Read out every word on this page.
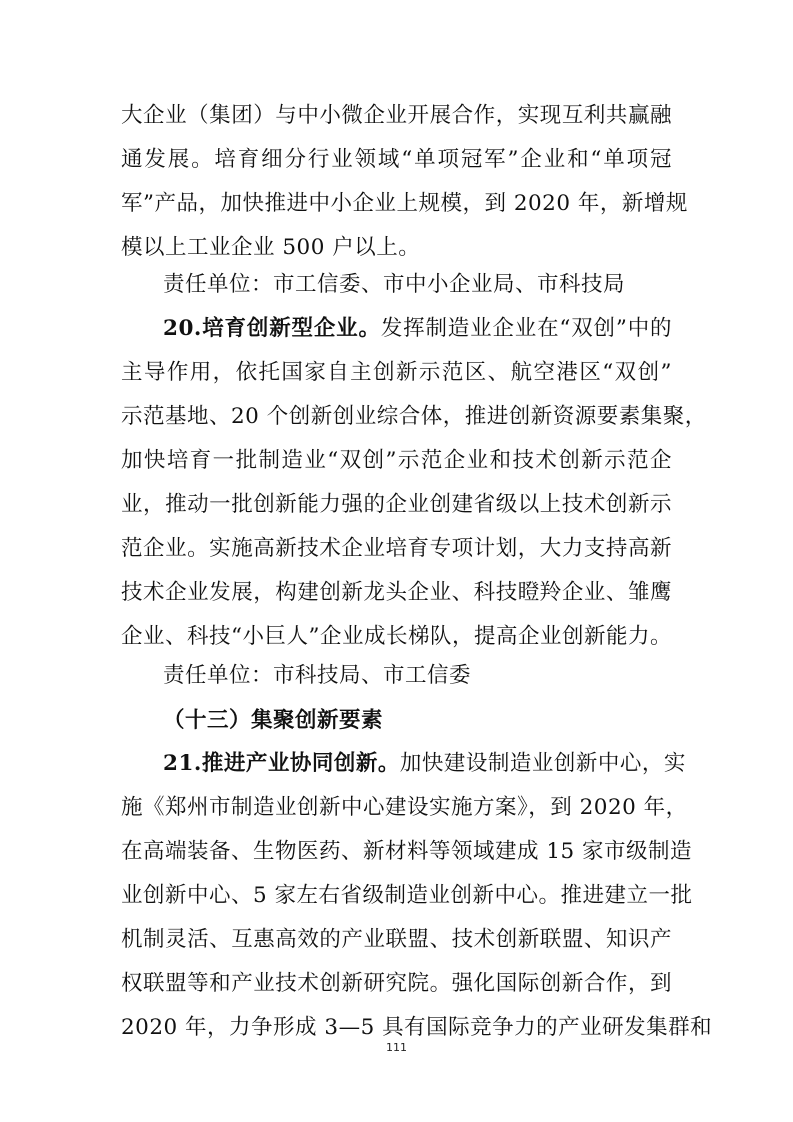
大企业（集团）与中小微企业开展合作，实现互利共赢融
通发展。培育细分行业领域“单项冠军”企业和“单项冠
军”产品，加快推进中小企业上规模，到 2020 年，新增规
模以上工业企业 500 户以上。
责任单位：市工信委、市中小企业局、市科技局
20.培育创新型企业。发挥制造业企业在“双创”中的
主导作用，依托国家自主创新示范区、航空港区“双创”
示范基地、20 个创新创业综合体，推进创新资源要素集聚，
加快培育一批制造业“双创”示范企业和技术创新示范企
业，推动一批创新能力强的企业创建省级以上技术创新示
范企业。实施高新技术企业培育专项计划，大力支持高新
技术企业发展，构建创新龙头企业、科技瞪羚企业、雏鹰
企业、科技“小巨人”企业成长梯队，提高企业创新能力。
责任单位：市科技局、市工信委
（十三）集聚创新要素
21.推进产业协同创新。加快建设制造业创新中心，实
施《郑州市制造业创新中心建设实施方案》，到 2020 年，
在高端装备、生物医药、新材料等领域建成 15 家市级制造
业创新中心、5 家左右省级制造业创新中心。推进建立一批
机制灵活、互惠高效的产业联盟、技术创新联盟、知识产
权联盟等和产业技术创新研究院。强化国际创新合作，到
2020 年，力争形成 3—5 具有国际竞争力的产业研发集群和
111
